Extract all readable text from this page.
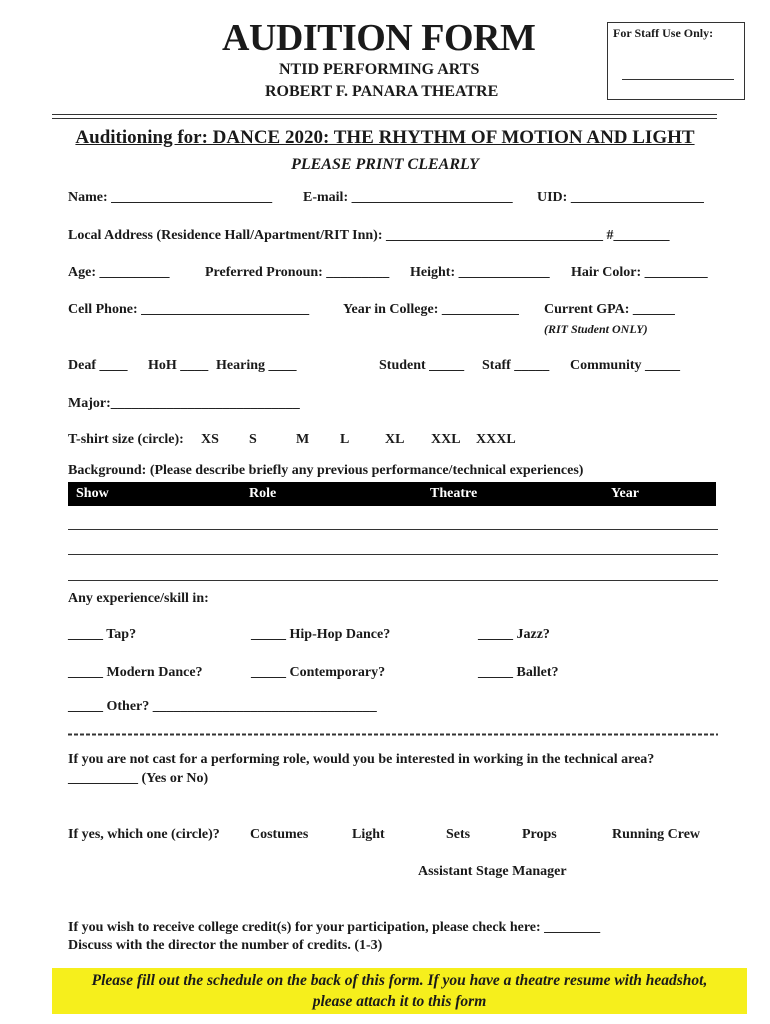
AUDITION FORM
NTID PERFORMING ARTS
ROBERT F. PANARA THEATRE
For Staff Use Only:
Auditioning for: DANCE 2020: THE RHYTHM OF MOTION AND LIGHT
PLEASE PRINT CLEARLY
Name: _______________________ E-mail: _______________________ UID: ___________________
Local Address (Residence Hall/Apartment/RIT Inn): _______________________________ #________
Age: __________	Preferred Pronoun: _________ Height: _____________ Hair Color: _________
Cell Phone: ________________________ Year in College: ___________ Current GPA: ______
(RIT Student ONLY)
Deaf ____ HoH ____ Hearing ____	Student _____ Staff _____ Community _____
Major:___________________________
T-shirt size (circle): XS S	M L	XL XXL XXXL
Background: (Please describe briefly any previous performance/technical experiences)
Show	Role	Theatre	Year
Any experience/skill in:
_____ Tap?	_____ Hip-Hop Dance?	_____ Jazz?
_____ Modern Dance?	_____ Contemporary?	_____ Ballet?
_____ Other? ________________________________
If you are not cast for a performing role, would you be interested in working in the technical area?
__________ (Yes or No)
If yes, which one (circle)? Costumes	Light	Sets	Props	Running Crew
Assistant Stage Manager
If you wish to receive college credit(s) for your participation, please check here: ________
Discuss with the director the number of credits. (1-3)
Please fill out the schedule on the back of this form. If you have a theatre resume with headshot,
please attach it to this form
